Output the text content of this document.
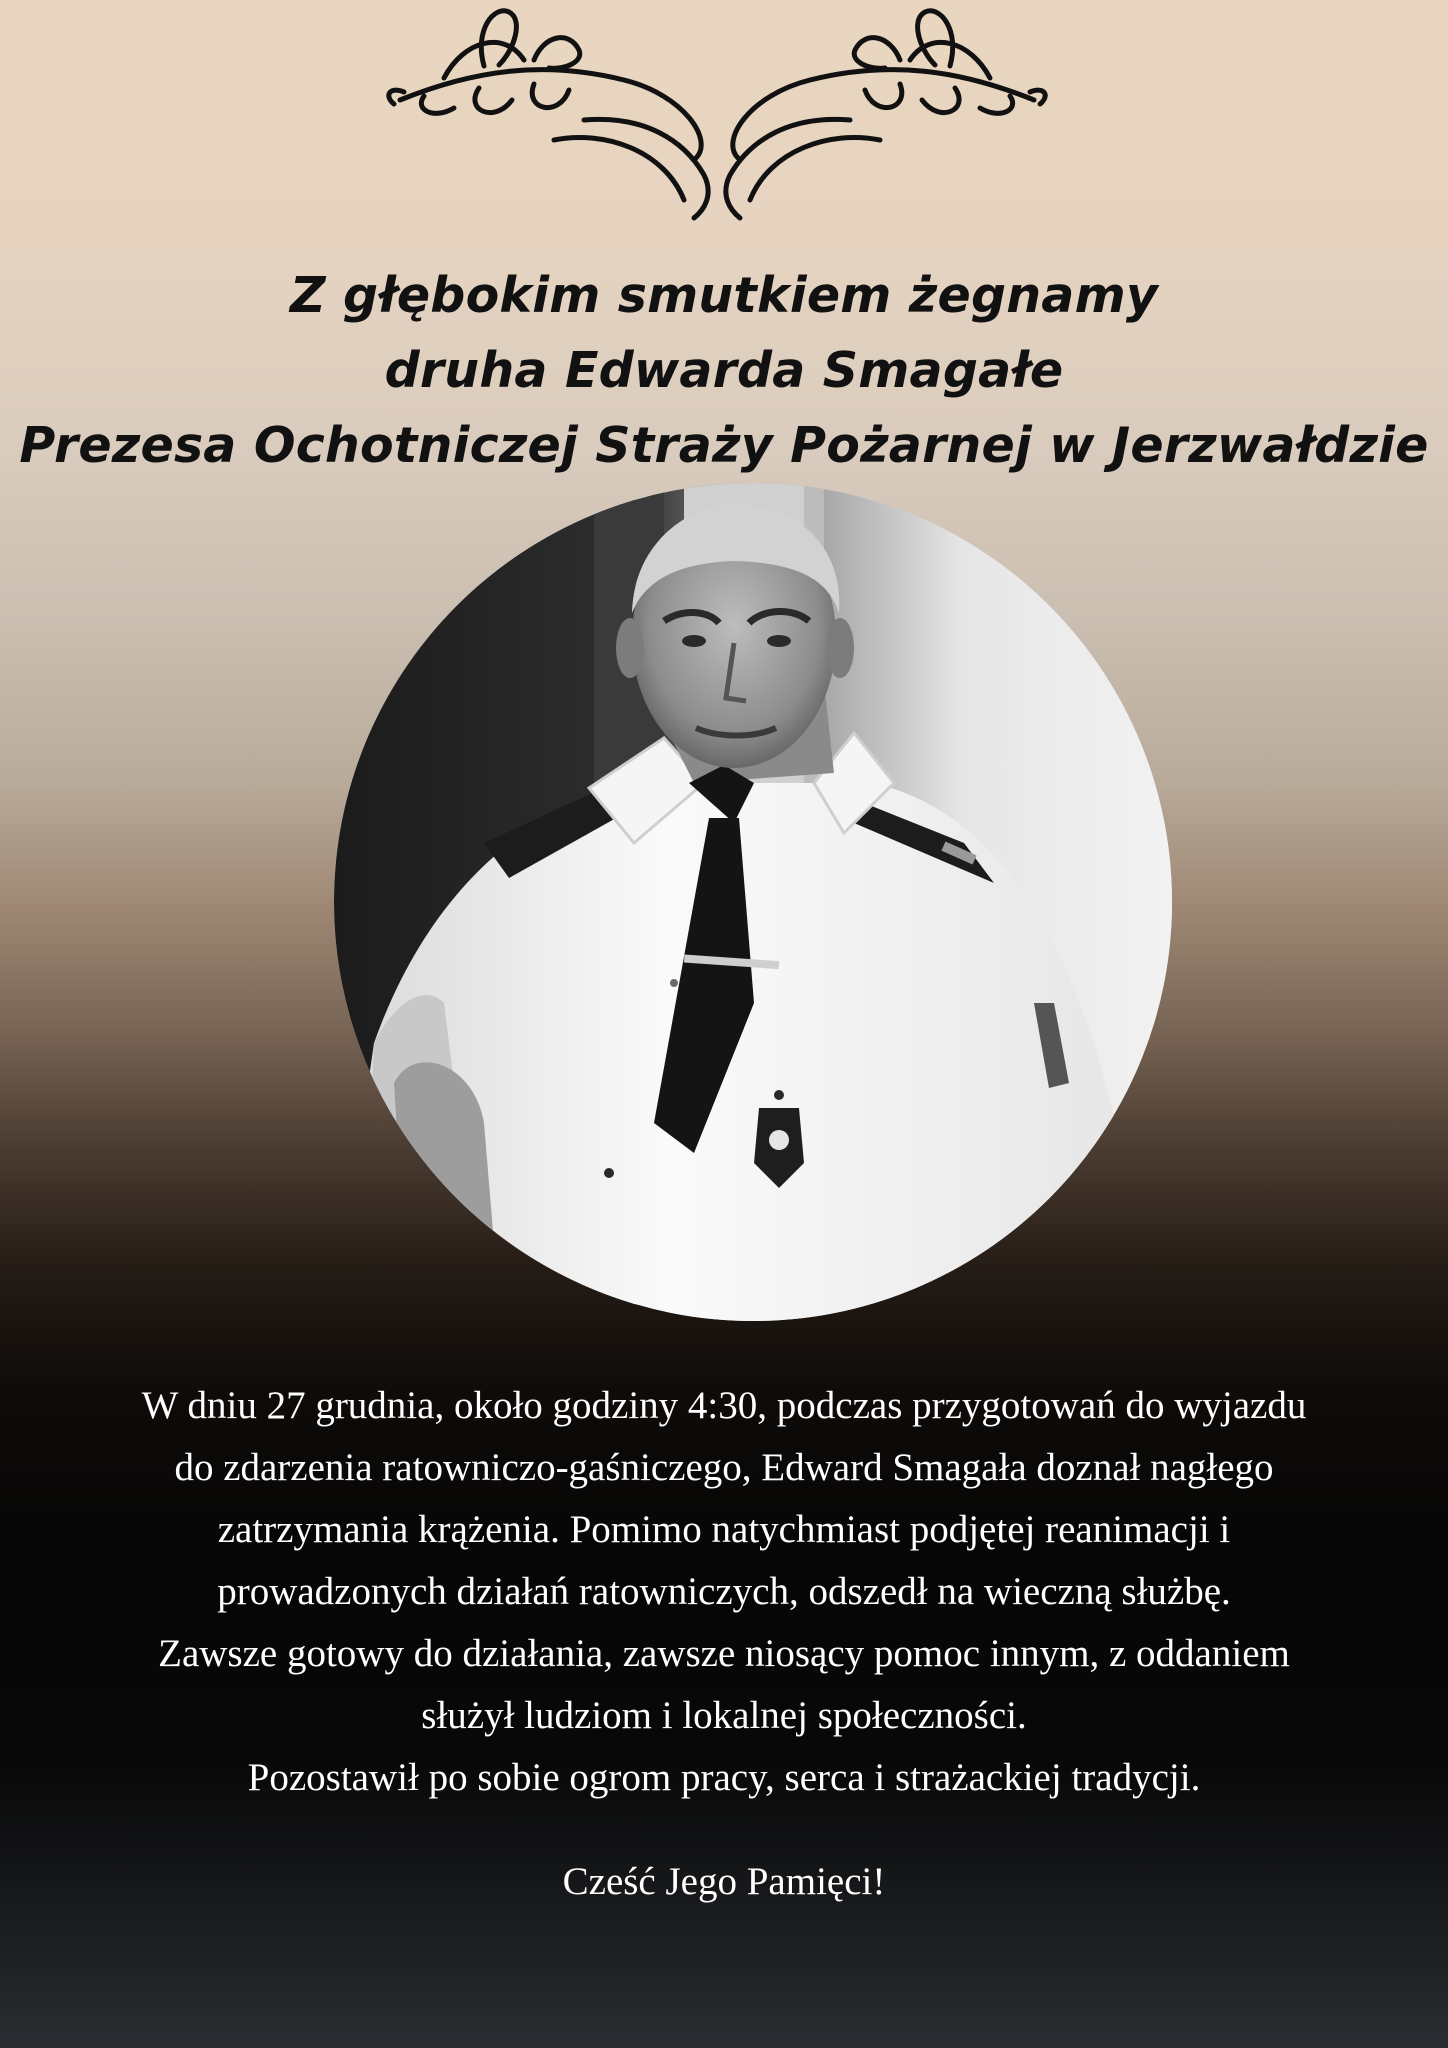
Z głębokim smutkiem żegnamy
druha Edwarda Smagałe
Prezesa Ochotniczej Straży Pożarnej w Jerzwałdzie
W dniu 27 grudnia, około godziny 4:30, podczas przygotowań do wyjazdu
do zdarzenia ratowniczo-gaśniczego, Edward Smagała doznał nagłego
zatrzymania krążenia. Pomimo natychmiast podjętej reanimacji i
prowadzonych działań ratowniczych, odszedł na wieczną służbę.
Zawsze gotowy do działania, zawsze niosący pomoc innym, z oddaniem
służył ludziom i lokalnej społeczności.
Pozostawił po sobie ogrom pracy, serca i strażackiej tradycji.
Cześć Jego Pamięci!
